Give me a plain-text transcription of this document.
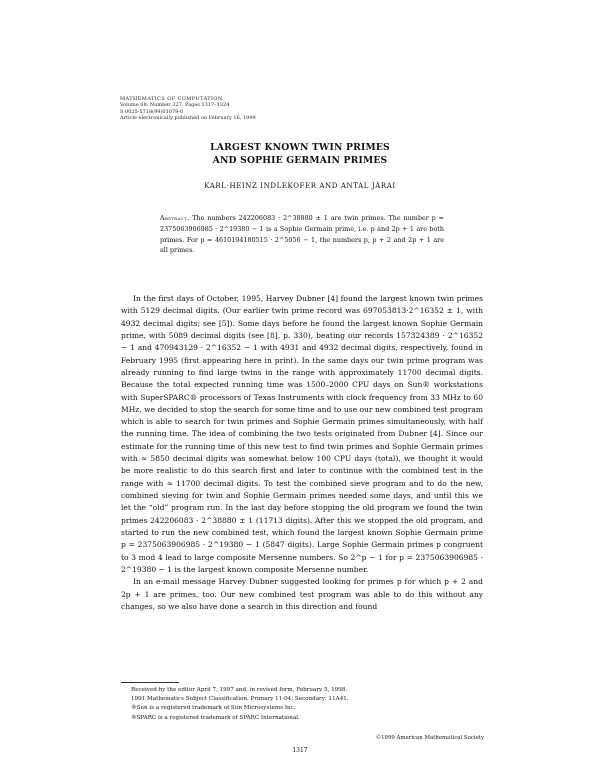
MATHEMATICS OF COMPUTATION
Volume 68, Number 227, Pages 1317–1324
S 0025-5718(99)01079-0
Article electronically published on February 16, 1999
LARGEST KNOWN TWIN PRIMES
AND SOPHIE GERMAIN PRIMES
KARL-HEINZ INDLEKOFER AND ANTAL JÁRAI
Abstract. The numbers 242206083 · 2^38880 ± 1 are twin primes. The number p = 2375063906985 · 2^19380 − 1 is a Sophie Germain prime, i.e. p and 2p + 1 are both primes. For p = 4610194180515 · 2^5056 − 1, the numbers p, p + 2 and 2p + 1 are all primes.

In the first days of October, 1995, Harvey Dubner [4] found the largest known twin primes with 5129 decimal digits. (Our earlier twin prime record was 697053813·2^16352 ± 1, with 4932 decimal digits; see [5]). Some days before he found the largest known Sophie Germain prime, with 5089 decimal digits (see [8], p. 330), beating our records 157324389 · 2^16352 − 1 and 470943129 · 2^16352 − 1 with 4931 and 4932 decimal digits, respectively, found in February 1995 (first appearing here in print). In the same days our twin prime program was already running to find large twins in the range with approximately 11700 decimal digits. Because the total expected running time was 1500–2000 CPU days on Sun® workstations with SuperSPARC® processors of Texas Instruments with clock frequency from 33 MHz to 60 MHz, we decided to stop the search for some time and to use our new combined test program which is able to search for twin primes and Sophie Germain primes simultaneously, with half the running time. The idea of combining the two tests originated from Dubner [4]. Since our estimate for the running time of this new test to find twin primes and Sophie Germain primes with ≈ 5850 decimal digits was somewhat below 100 CPU days (total), we thought it would be more realistic to do this search first and later to continue with the combined test in the range with ≈ 11700 decimal digits. To test the combined sieve program and to do the new, combined sieving for twin and Sophie Germain primes needed some days, and until this we let the “old” program run. In the last day before stopping the old program we found the twin primes 242206083 · 2^38880 ± 1 (11713 digits). After this we stopped the old program, and started to run the new combined test, which found the largest known Sophie Germain prime p = 2375063906985 · 2^19380 − 1 (5847 digits). Large Sophie Germain primes p congruent to 3 mod 4 lead to large composite Mersenne numbers. So 2^p − 1 for p = 2375063906985 · 2^19380 − 1 is the largest known composite Mersenne number.

In an e-mail message Harvey Dubner suggested looking for primes p for which p + 2 and 2p + 1 are primes, too. Our new combined test program was able to do this without any changes, so we also have done a search in this direction and found

Received by the editor April 7, 1997 and, in revised form, February 5, 1998.
1991 Mathematics Subject Classification. Primary 11-04; Secondary: 11A41.
®Sun is a registered trademark of Sun Microsystems Inc.
®SPARC is a registered trademark of SPARC International.
©1999 American Mathematical Society
1317
